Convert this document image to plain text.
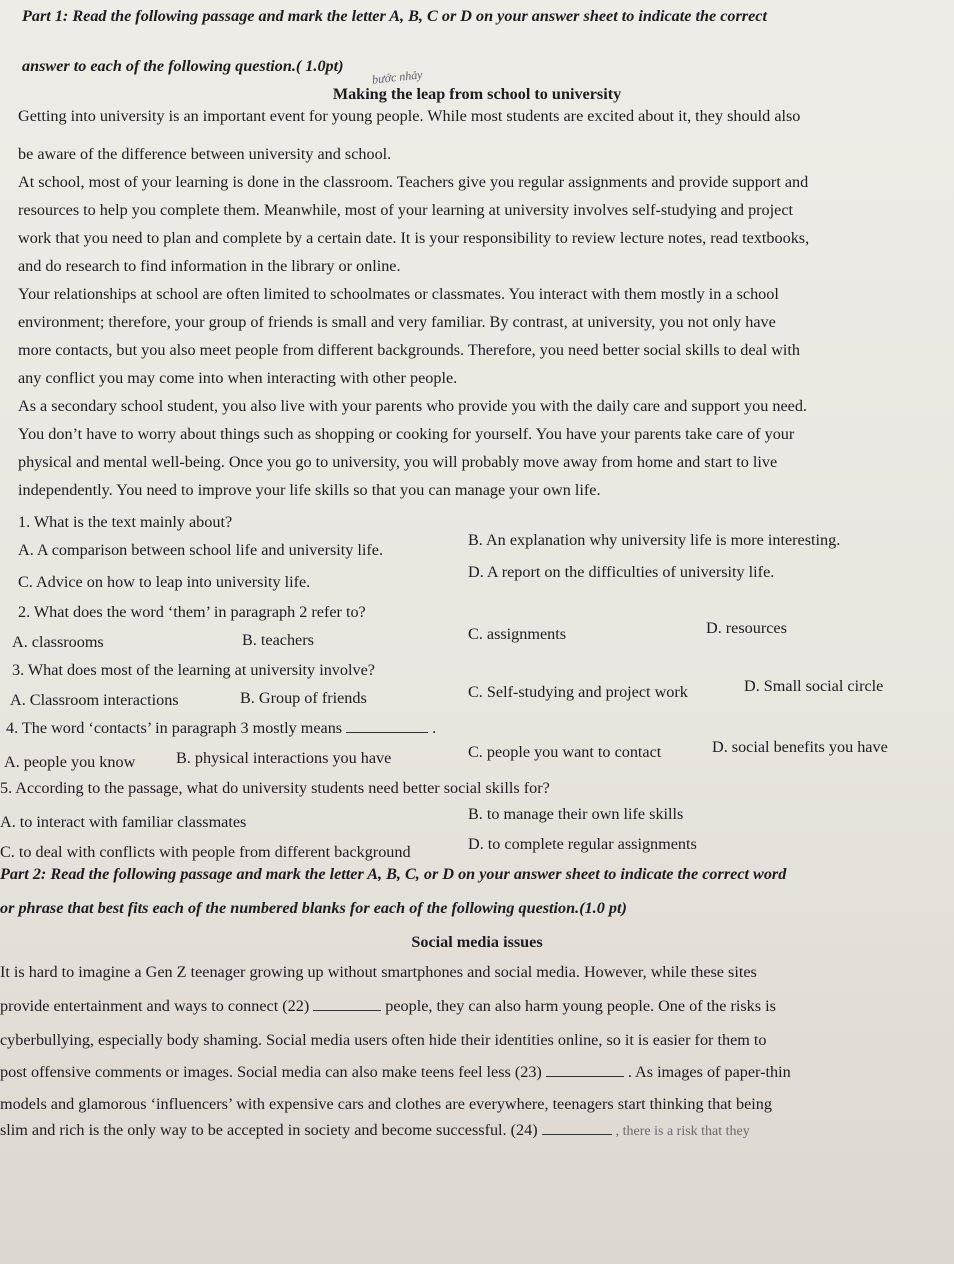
Part 1: Read the following passage and mark the letter A, B, C or D on your answer sheet to indicate the correct
answer to each of the following question.( 1.0pt)
bước nhảy
Making the leap from school to university
Getting into university is an important event for young people. While most students are excited about it, they should also
be aware of the difference between university and school.
At school, most of your learning is done in the classroom. Teachers give you regular assignments and provide support and
resources to help you complete them. Meanwhile, most of your learning at university involves self-studying and project
work that you need to plan and complete by a certain date. It is your responsibility to review lecture notes, read textbooks,
and do research to find information in the library or online.
Your relationships at school are often limited to schoolmates or classmates. You interact with them mostly in a school
environment; therefore, your group of friends is small and very familiar. By contrast, at university, you not only have
more contacts, but you also meet people from different backgrounds. Therefore, you need better social skills to deal with
any conflict you may come into when interacting with other people.
As a secondary school student, you also live with your parents who provide you with the daily care and support you need.
You don’t have to worry about things such as shopping or cooking for yourself. You have your parents take care of your
physical and mental well-being. Once you go to university, you will probably move away from home and start to live
independently. You need to improve your life skills so that you can manage your own life.
1. What is the text mainly about?
A. A comparison between school life and university life.
B. An explanation why university life is more interesting.
C. Advice on how to leap into university life.
D. A report on the difficulties of university life.
2. What does the word ‘them’ in paragraph 2 refer to?
A. classrooms	B. teachers	C. assignments	D. resources
3. What does most of the learning at university involve?
A. Classroom interactions	B. Group of friends	C. Self-studying and project work	D. Small social circle
4. The word ‘contacts’ in paragraph 3 mostly means	.
A. people you know	B. physical interactions you have	C. people you want to contact	D. social benefits you have
5. According to the passage, what do university students need better social skills for?
A. to interact with familiar classmates	B. to manage their own life skills
C. to deal with conflicts with people from different background	D. to complete regular assignments
Part 2: Read the following passage and mark the letter A, B, C, or D on your answer sheet to indicate the correct word
or phrase that best fits each of the numbered blanks for each of the following question.(1.0 pt)
Social media issues
It is hard to imagine a Gen Z teenager growing up without smartphones and social media. However, while these sites
provide entertainment and ways to connect (22)	people, they can also harm young people. One of the risks is
cyberbullying, especially body shaming. Social media users often hide their identities online, so it is easier for them to
post offensive comments or images. Social media can also make teens feel less (23)	. As images of paper-thin
models and glamorous ‘influencers’ with expensive cars and clothes are everywhere, teenagers start thinking that being
slim and rich is the only way to be accepted in society and become successful. (24)	, there is a risk that they
